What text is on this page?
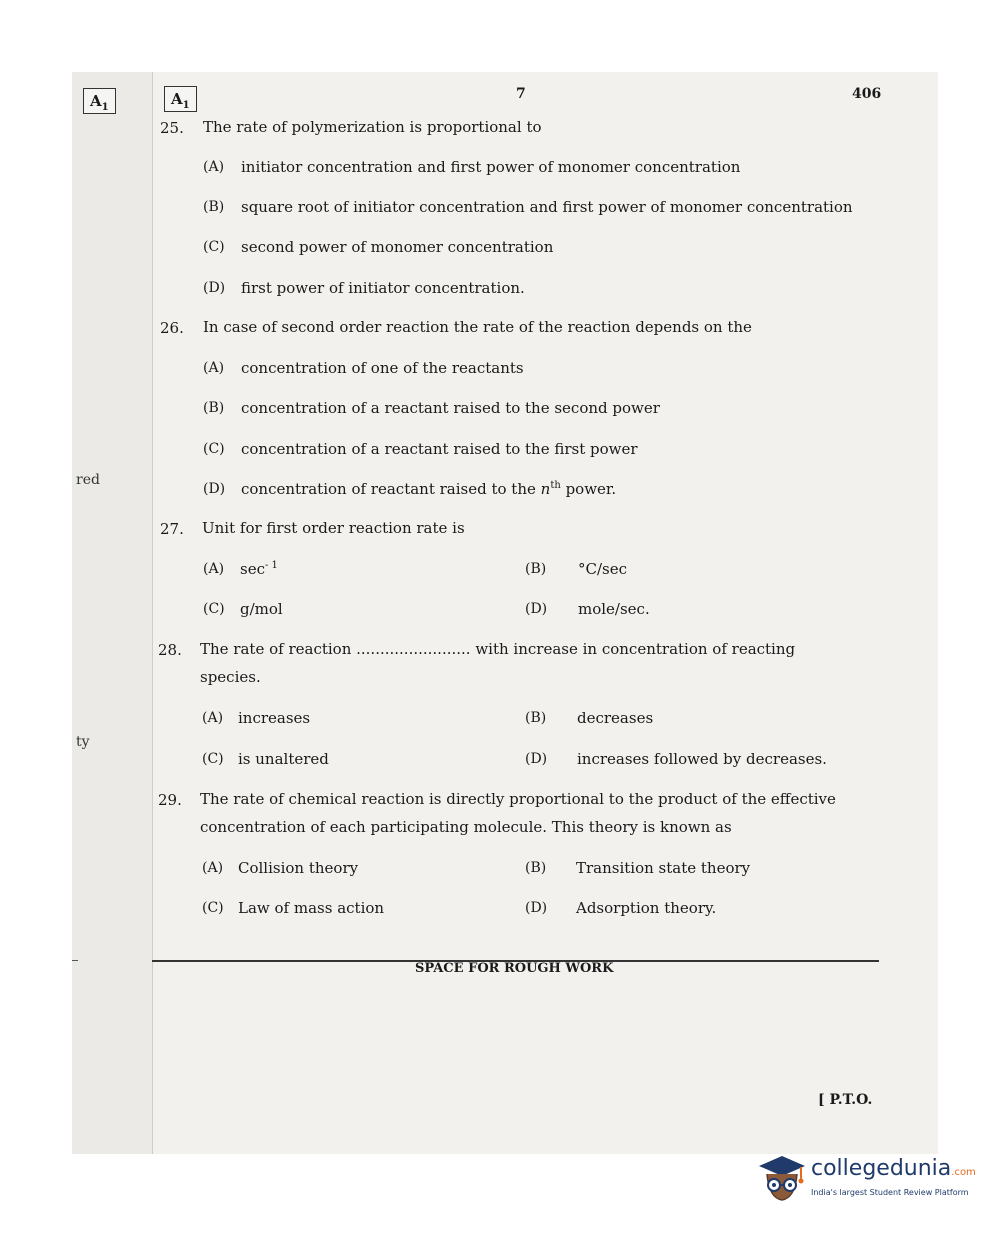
$A_1$
red
ty
$A_1$
7	406
25. The rate of polymerization is proportional to
(A) initiator concentration and first power of monomer concentration
(B) square root of initiator concentration and first power of monomer concentration
(C) second power of monomer concentration
(D) first power of initiator concentration.
26. In case of second order reaction the rate of the reaction depends on the
(A) concentration of one of the reactants
(B) concentration of a reactant raised to the second power
(C) concentration of a reactant raised to the first power
(D) concentration of reactant raised to the $n^{th}$ power.
27. Unit for first order reaction rate is
(A) $\sec^{- 1}$	(B) °C/sec
(C) g/mol	(D) mole/sec.
28. The rate of reaction ........................ with increase in concentration of reacting
species.
(A) increases	(B) decreases
(C) is unaltered	(D) increases followed by decreases.
29. The rate of chemical reaction is directly proportional to the product of the effective
concentration of each participating molecule. This theory is known as
(A) Collision theory	(B) Transition state theory
(C) Law of mass action	(D) Adsorption theory.
SPACE FOR ROUGH WORK
[ P.T.O.
collegedunia.com
India's largest Student Review Platform
